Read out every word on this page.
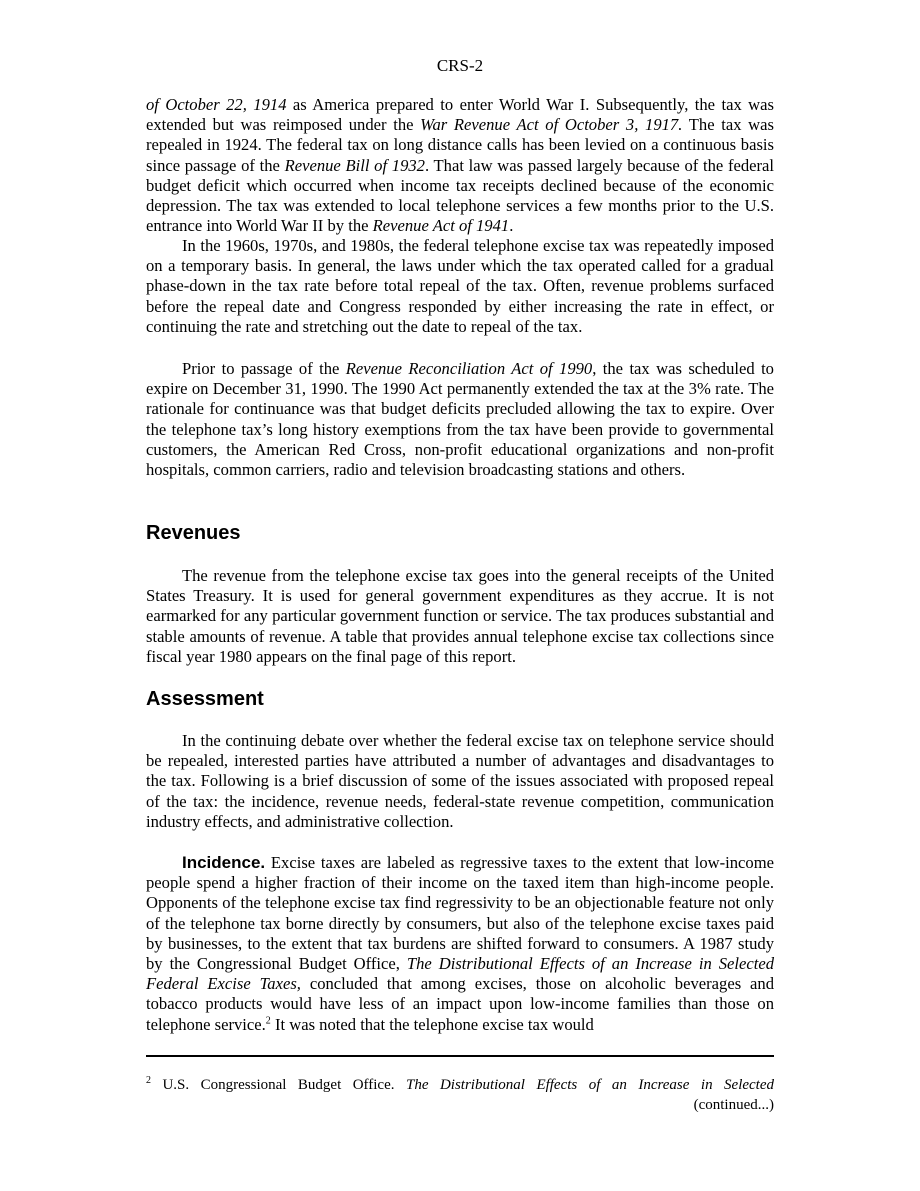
CRS-2

of October 22, 1914 as America prepared to enter World War I. Subsequently, the tax was extended but was reimposed under the War Revenue Act of October 3, 1917. The tax was repealed in 1924. The federal tax on long distance calls has been levied on a continuous basis since passage of the Revenue Bill of 1932. That law was passed largely because of the federal budget deficit which occurred when income tax receipts declined because of the economic depression. The tax was extended to local telephone services a few months prior to the U.S. entrance into World War II by the Revenue Act of 1941.

In the 1960s, 1970s, and 1980s, the federal telephone excise tax was repeatedly imposed on a temporary basis. In general, the laws under which the tax operated called for a gradual phase-down in the tax rate before total repeal of the tax. Often, revenue problems surfaced before the repeal date and Congress responded by either increasing the rate in effect, or continuing the rate and stretching out the date to repeal of the tax.

Prior to passage of the Revenue Reconciliation Act of 1990, the tax was scheduled to expire on December 31, 1990. The 1990 Act permanently extended the tax at the 3% rate. The rationale for continuance was that budget deficits precluded allowing the tax to expire. Over the telephone tax’s long history exemptions from the tax have been provide to governmental customers, the American Red Cross, non-profit educational organizations and non-profit hospitals, common carriers, radio and television broadcasting stations and others.

Revenues

The revenue from the telephone excise tax goes into the general receipts of the United States Treasury. It is used for general government expenditures as they accrue. It is not earmarked for any particular government function or service. The tax produces substantial and stable amounts of revenue. A table that provides annual telephone excise tax collections since fiscal year 1980 appears on the final page of this report.

Assessment

In the continuing debate over whether the federal excise tax on telephone service should be repealed, interested parties have attributed a number of advantages and disadvantages to the tax. Following is a brief discussion of some of the issues associated with proposed repeal of the tax: the incidence, revenue needs, federal-state revenue competition, communication industry effects, and administrative collection.

Incidence. Excise taxes are labeled as regressive taxes to the extent that low-income people spend a higher fraction of their income on the taxed item than high-income people. Opponents of the telephone excise tax find regressivity to be an objectionable feature not only of the telephone tax borne directly by consumers, but also of the telephone excise taxes paid by businesses, to the extent that tax burdens are shifted forward to consumers. A 1987 study by the Congressional Budget Office, The Distributional Effects of an Increase in Selected Federal Excise Taxes, concluded that among excises, those on alcoholic beverages and tobacco products would have less of an impact upon low-income families than those on telephone service.$^2$ It was noted that the telephone excise tax would

$^2$ U.S. Congressional Budget Office. The Distributional Effects of an Increase in Selected
(continued...)
